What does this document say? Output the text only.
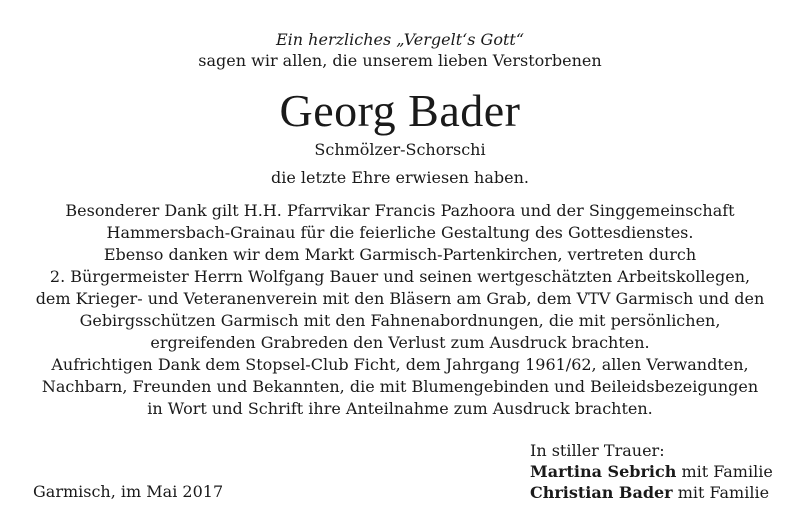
Ein herzliches „Vergelt‘s Gott“
sagen wir allen, die unserem lieben Verstorbenen
Georg Bader
Schmölzer-Schorschi
die letzte Ehre erwiesen haben.
Besonderer Dank gilt H.H. Pfarrvikar Francis Pazhoora und der Singgemeinschaft
Hammersbach-Grainau für die feierliche Gestaltung des Gottesdienstes.
Ebenso danken wir dem Markt Garmisch-Partenkirchen, vertreten durch
2. Bürgermeister Herrn Wolfgang Bauer und seinen wertgeschätzten Arbeitskollegen,
dem Krieger- und Veteranenverein mit den Bläsern am Grab, dem VTV Garmisch und den
Gebirgsschützen Garmisch mit den Fahnenabordnungen, die mit persönlichen,
ergreifenden Grabreden den Verlust zum Ausdruck brachten.
Aufrichtigen Dank dem Stopsel-Club Ficht, dem Jahrgang 1961/62, allen Verwandten,
Nachbarn, Freunden und Bekannten, die mit Blumengebinden und Beileidsbezeigungen
in Wort und Schrift ihre Anteilnahme zum Ausdruck brachten.
Garmisch, im Mai 2017
In stiller Trauer:
Martina Sebrich mit Familie
Christian Bader mit Familie
